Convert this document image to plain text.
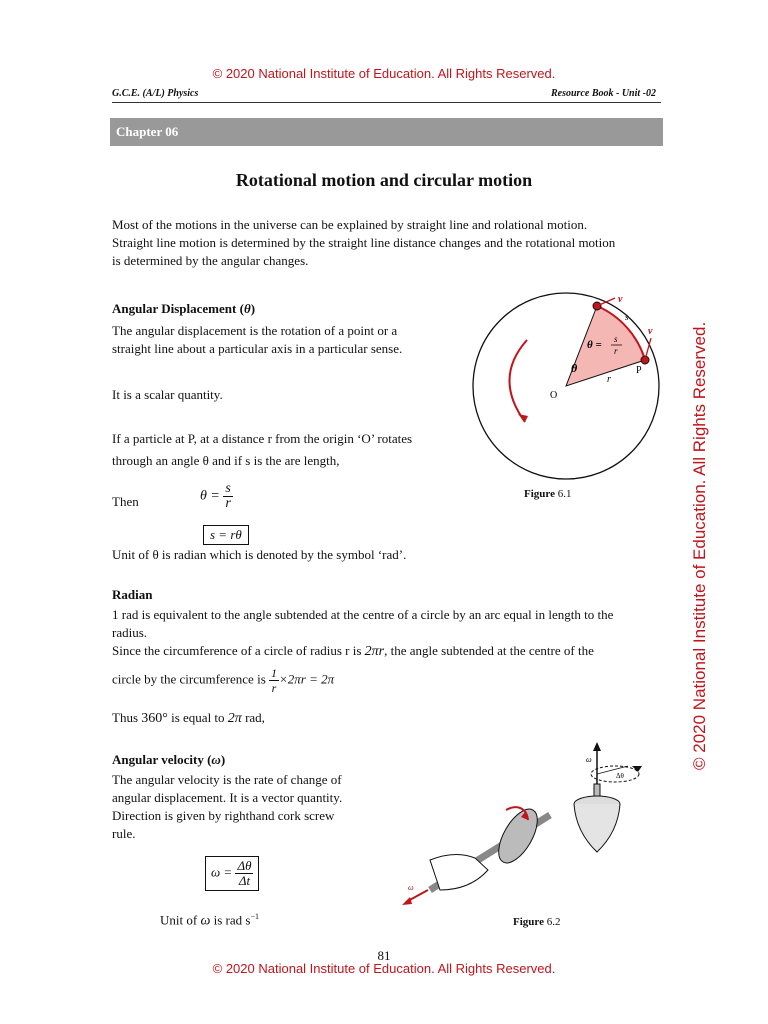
© 2020 National Institute of Education. All Rights Reserved.
G.C.E. (A/L) Physics	Resource Book - Unit -02
Chapter 06
Rotational motion and circular motion
Most of the motions in the universe can be explained by straight line and rolational motion.
Straight line motion is determined by the straight line distance changes and the rotational motion
is determined by the angular changes.
Angular Displacement (θ)
The angular displacement is the rotation of a point or a
straight line about a particular axis in a particular sense.
It is a scalar quantity.
If a particle at P, at a distance r from the origin ‘O’ rotates
through an angle θ and if s is the are length,
Then	$\theta = \frac{s}{r}$
s = rθ
Unit of θ is radian which is denoted by the symbol ‘rad’.
v
v
s
θ = s
r
θ
r
O
P
Figure 6.1
Radian
1 rad is equivalent to the angle subtended at the centre of a circle by an arc equal in length to the
radius.
Since the circumference of a circle of radius r is 2πr, the angle subtended at the centre of the
circle by the circumference is $\frac{1}{r} \times 2\pi r = 2\pi$
Thus 360° is equal to 2π rad,
Angular velocity (ω)
The angular velocity is the rate of change of
angular displacement. It is a vector quantity.
Direction is given by righthand cork screw
rule.
$\omega = \frac{\Delta\theta}{\Delta t}$
Unit of ω is rad $s^{-1}$
ω
Δθ
ω
Figure 6.2
81
© 2020 National Institute of Education. All Rights Reserved.
© 2020 National Institute of Education. All Rights Reserved.
